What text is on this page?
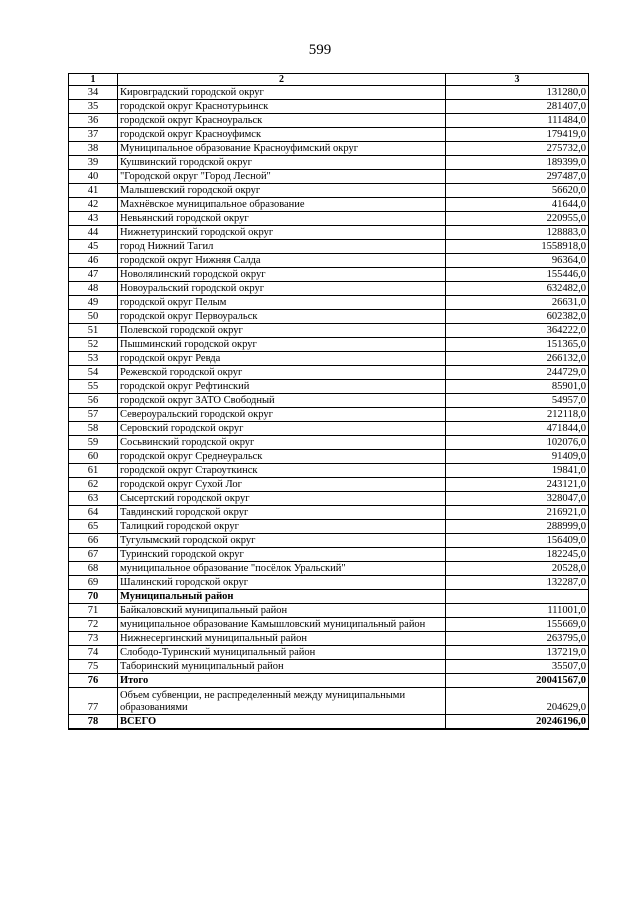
599
1	2	3
34	Кировградский городской округ	131280,0
35	городской округ Краснотурьинск	281407,0
36	городской округ Красноуральск	111484,0
37	городской округ Красноуфимск	179419,0
38	Муниципальное образование Красноуфимский округ	275732,0
39	Кушвинский городской округ	189399,0
40	"Городской округ "Город Лесной"	297487,0
41	Малышевский городской округ	56620,0
42	Махнёвское муниципальное образование	41644,0
43	Невьянский городской округ	220955,0
44	Нижнетуринский городской округ	128883,0
45	город Нижний Тагил	1558918,0
46	городской округ Нижняя Салда	96364,0
47	Новолялинский городской округ	155446,0
48	Новоуральский городской округ	632482,0
49	городской округ Пелым	26631,0
50	городской округ Первоуральск	602382,0
51	Полевской городской округ	364222,0
52	Пышминский городской округ	151365,0
53	городской округ Ревда	266132,0
54	Режевской городской округ	244729,0
55	городской округ Рефтинский	85901,0
56	городской округ ЗАТО Свободный	54957,0
57	Североуральский городской округ	212118,0
58	Серовский городской округ	471844,0
59	Сосьвинский городской округ	102076,0
60	городской округ Среднеуральск	91409,0
61	городской округ Староуткинск	19841,0
62	городской округ Сухой Лог	243121,0
63	Сысертский городской округ	328047,0
64	Тавдинский городской округ	216921,0
65	Талицкий городской округ	288999,0
66	Тугулымский городской округ	156409,0
67	Туринский городской округ	182245,0
68	муниципальное образование "посёлок Уральский"	20528,0
69	Шалинский городской округ	132287,0
70	Муниципальный район	
71	Байкаловский муниципальный район	111001,0
72	муниципальное образование Камышловский муниципальный район	155669,0
73	Нижнесергинский муниципальный район	263795,0
74	Слободо-Туринский муниципальный район	137219,0
75	Таборинский муниципальный район	35507,0
76	Итого	20041567,0
77	Объем субвенции, не распределенный между муниципальными образованиями	204629,0
78	ВСЕГО	20246196,0
